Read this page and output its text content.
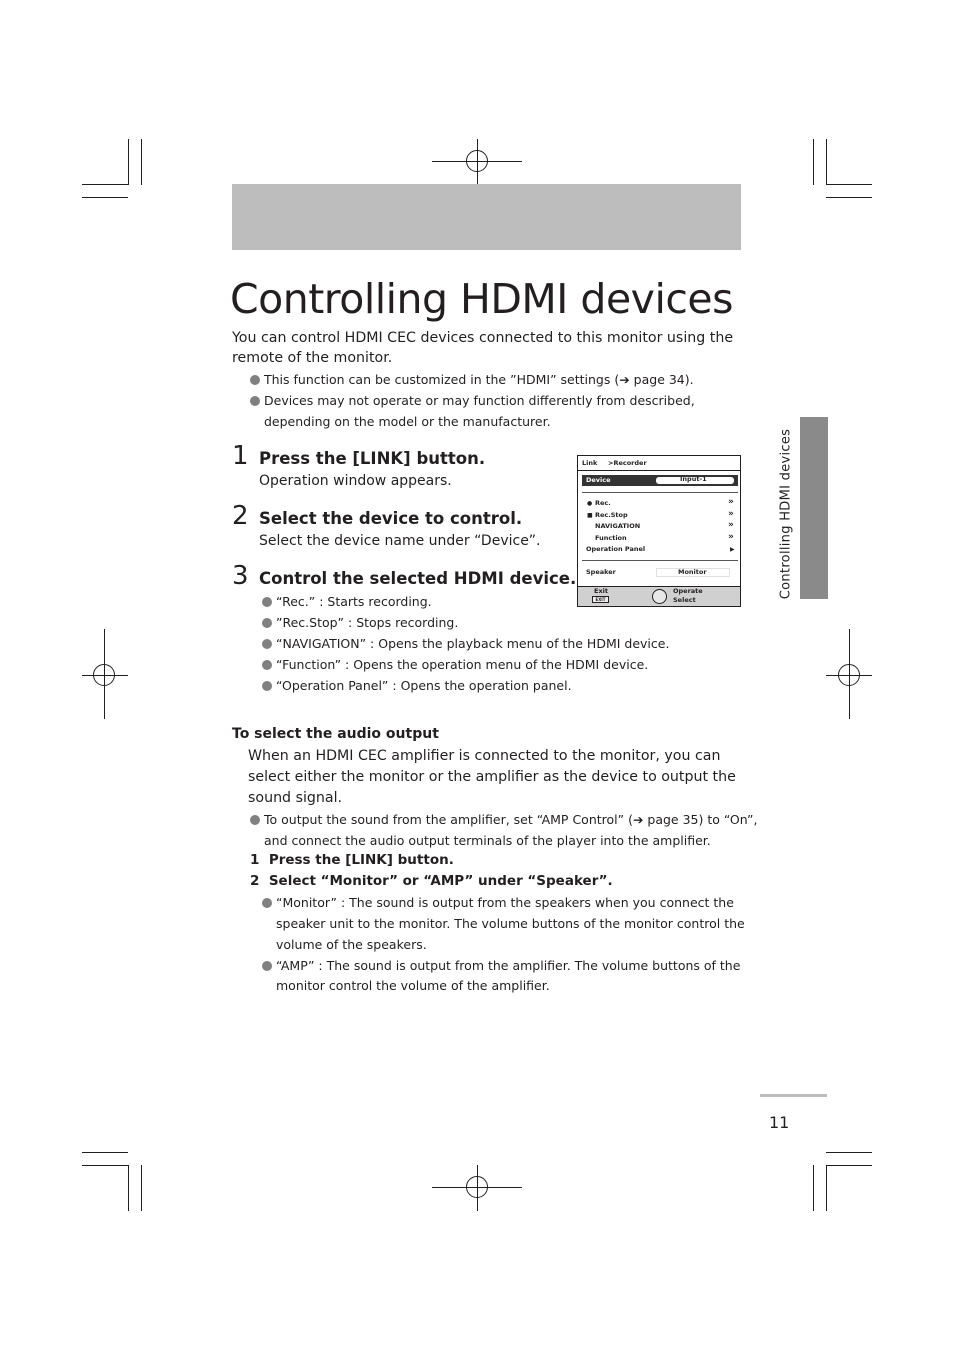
Controlling HDMI devices
You can control HDMI CEC devices connected to this monitor using the remote of the monitor.
This function can be customized in the ”HDMI” settings (➔ page 34).
Devices may not operate or may function differently from described,
depending on the model or the manufacturer.
1 Press the [LINK] button.
Operation window appears.
2 Select the device to control.
Select the device name under “Device”.
3 Control the selected HDMI device.
“Rec.” : Starts recording.
”Rec.Stop” : Stops recording.
“NAVIGATION” : Opens the playback menu of the HDMI device.
“Function” : Opens the operation menu of the HDMI device.
“Operation Panel” : Opens the operation panel.
Link >Recorder
Device	Input-1
● Rec.	»
■ Rec.Stop	»
NAVIGATION	»
Function	»
Operation Panel	▶
Speaker	Monitor
Exit
EXIT
Operate
Select
To select the audio output
When an HDMI CEC amplifier is connected to the monitor, you can select either the monitor or the amplifier as the device to output the sound signal.
To output the sound from the amplifier, set “AMP Control” (➔ page 35) to “On”,
and connect the audio output terminals of the player into the amplifier.
1 Press the [LINK] button.
2 Select “Monitor” or “AMP” under “Speaker”.
“Monitor” : The sound is output from the speakers when you connect the
speaker unit to the monitor. The volume buttons of the monitor control the
volume of the speakers.
“AMP” : The sound is output from the amplifier. The volume buttons of the
monitor control the volume of the amplifier.
Controlling HDMI devices
11
